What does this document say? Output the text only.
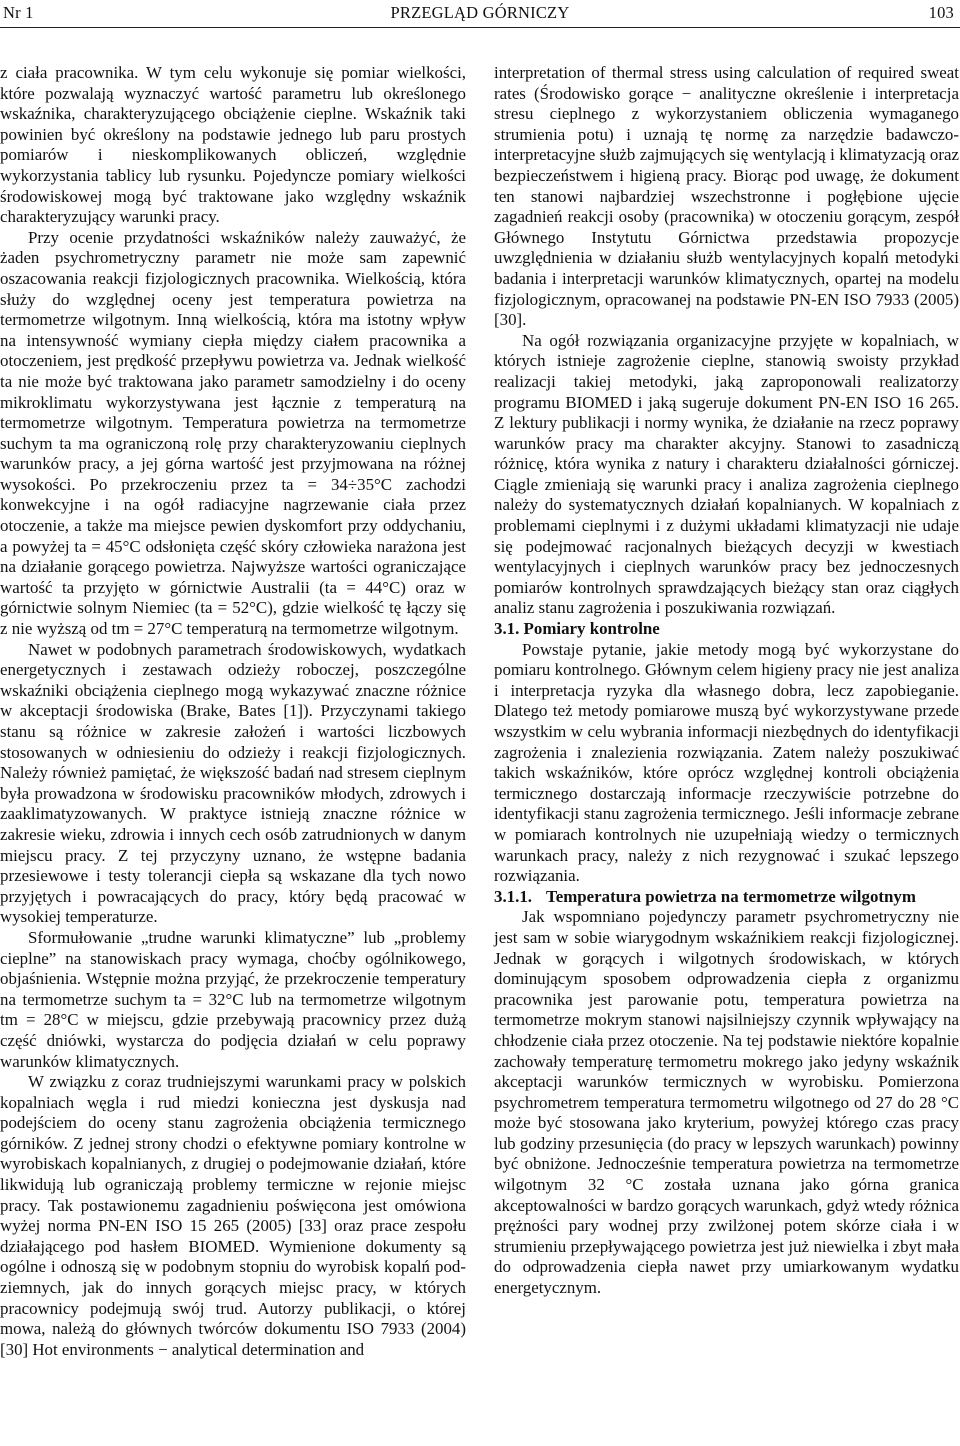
Nr 1	PRZEGLĄD GÓRNICZY	103

z ciała pracownika. W tym celu wykonuje się pomiar wielkości, które pozwalają wyznaczyć wartość parametru lub określonego wskaźnika, charakteryzującego obciążenie cieplne. Wskaźnik taki powinien być określony na podstawie jednego lub paru prostych pomiarów i nieskomplikowanych obliczeń, względnie wykorzystania tablicy lub rysunku. Pojedyncze pomiary wielkości środowiskowej mogą być traktowane jako względny wskaźnik charakteryzujący warunki pracy.

Przy ocenie przydatności wskaźników należy zauważyć, że żaden psychrometryczny parametr nie może sam zapewnić oszacowania reakcji fizjologicznych pracownika. Wielkością, która służy do względnej oceny jest temperatura powietrza na termometrze wilgotnym. Inną wielkością, która ma istotny wpływ na intensywność wymiany ciepła między ciałem pracownika a otoczeniem, jest prędkość przepływu powietrza va. Jednak wielkość ta nie może być traktowana jako parametr samodzielny i do oceny mikroklimatu wykorzystywana jest łącznie z temperaturą na termometrze wilgotnym. Temperatura powietrza na termometrze suchym ta ma ograniczoną rolę przy charakteryzowaniu cieplnych warunków pracy, a jej górna wartość jest przyjmowana na różnej wysokości. Po przekroczeniu przez ta = 34÷35°C zachodzi konwekcyjne i na ogół radiacyjne nagrzewanie ciała przez otoczenie, a także ma miejsce pewien dyskomfort przy oddychaniu, a powyżej ta = 45°C odsłonięta część skóry człowieka narażona jest na działanie gorącego powietrza. Najwyższe wartości ograniczające wartość ta przyjęto w górnictwie Australii (ta = 44°C) oraz w górnictwie solnym Niemiec (ta = 52°C), gdzie wielkość tę łączy się z nie wyższą od tm = 27°C temperaturą na termometrze wilgotnym.

Nawet w podobnych parametrach środowiskowych, wydatkach energetycznych i zestawach odzieży roboczej, poszczególne wskaźniki obciążenia cieplnego mogą wykazywać znaczne różnice w akceptacji środowiska (Brake, Bates [1]). Przyczynami takiego stanu są różnice w zakresie założeń i wartości liczbowych stosowanych w odniesieniu do odzieży i reakcji fizjologicznych. Należy również pamiętać, że większość badań nad stresem cieplnym była prowadzona w środowisku pracowników młodych, zdrowych i zaaklimatyzowanych. W praktyce istnieją znaczne różnice w zakresie wieku, zdrowia i innych cech osób zatrudnionych w danym miejscu pracy. Z tej przyczyny uznano, że wstępne badania przesiewowe i testy tolerancji ciepła są wskazane dla tych nowo przyjętych i powracających do pracy, który będą pracować w wysokiej temperaturze.

Sformułowanie „trudne warunki klimatyczne” lub „problemy cieplne” na stanowiskach pracy wymaga, choćby ogólnikowego, objaśnienia. Wstępnie można przyjąć, że przekroczenie temperatury na termometrze suchym ta = 32°C lub na termometrze wilgotnym tm = 28°C w miejscu, gdzie przebywają pracownicy przez dużą część dniówki, wystarcza do podjęcia działań w celu poprawy warunków klimatycznych.

W związku z coraz trudniejszymi warunkami pracy w polskich kopalniach węgla i rud miedzi konieczna jest dyskusja nad podejściem do oceny stanu zagrożenia obciążenia termicznego górników. Z jednej strony chodzi o efektywne pomiary kontrolne w wyrobiskach kopalnianych, z drugiej o podejmowanie działań, które likwidują lub ograniczają problemy termiczne w rejonie miejsc pracy. Tak postawionemu zagadnieniu poświęcona jest omówiona wyżej norma PN-EN ISO 15 265 (2005) [33] oraz prace zespołu działającego pod hasłem BIOMED. Wymienione dokumenty są ogólne i odnoszą się w podobnym stopniu do wyrobisk kopalń podziemnych, jak do innych gorących miejsc pracy, w których pracownicy podejmują swój trud. Autorzy publikacji, o której mowa, należą do głównych twórców dokumentu ISO 7933 (2004) [30] Hot environments − analytical determination and

interpretation of thermal stress using calculation of required sweat rates (Środowisko gorące − analityczne określenie i interpretacja stresu cieplnego z wykorzystaniem obliczenia wymaganego strumienia potu) i uznają tę normę za narzędzie badawczo-interpretacyjne służb zajmujących się wentylacją i klimatyzacją oraz bezpieczeństwem i higieną pracy. Biorąc pod uwagę, że dokument ten stanowi najbardziej wszechstronne i pogłębione ujęcie zagadnień reakcji osoby (pracownika) w otoczeniu gorącym, zespół Głównego Instytutu Górnictwa przedstawia propozycje uwzględnienia w działaniu służb wentylacyjnych kopalń metodyki badania i interpretacji warunków klimatycznych, opartej na modelu fizjologicznym, opracowanej na podstawie PN-EN ISO 7933 (2005) [30].

Na ogół rozwiązania organizacyjne przyjęte w kopalniach, w których istnieje zagrożenie cieplne, stanowią swoisty przykład realizacji takiej metodyki, jaką zaproponowali realizatorzy programu BIOMED i jaką sugeruje dokument PN-EN ISO 16 265. Z lektury publikacji i normy wynika, że działanie na rzecz poprawy warunków pracy ma charakter akcyjny. Stanowi to zasadniczą różnicę, która wynika z natury i charakteru działalności górniczej. Ciągle zmieniają się warunki pracy i analiza zagrożenia cieplnego należy do systematycznych działań kopalnianych. W kopalniach z problemami cieplnymi i z dużymi układami klimatyzacji nie udaje się podejmować racjonalnych bieżących decyzji w kwestiach wentylacyjnych i cieplnych warunków pracy bez jednoczesnych pomiarów kontrolnych sprawdzających bieżący stan oraz ciągłych analiz stanu zagrożenia i poszukiwania rozwiązań.

3.1. Pomiary kontrolne

Powstaje pytanie, jakie metody mogą być wykorzystane do pomiaru kontrolnego. Głównym celem higieny pracy nie jest analiza i interpretacja ryzyka dla własnego dobra, lecz zapobieganie. Dlatego też metody pomiarowe muszą być wykorzystywane przede wszystkim w celu wybrania informacji niezbędnych do identyfikacji zagrożenia i znalezienia rozwiązania. Zatem należy poszukiwać takich wskaźników, które oprócz względnej kontroli obciążenia termicznego dostarczają informacje rzeczywiście potrzebne do identyfikacji stanu zagrożenia termicznego. Jeśli informacje zebrane w pomiarach kontrolnych nie uzupełniają wiedzy o termicznych warunkach pracy, należy z nich rezygnować i szukać lepszego rozwiązania.

3.1.1. Temperatura powietrza na termometrze wilgotnym

Jak wspomniano pojedynczy parametr psychrometryczny nie jest sam w sobie wiarygodnym wskaźnikiem reakcji fizjologicznej. Jednak w gorących i wilgotnych środowiskach, w których dominującym sposobem odprowadzenia ciepła z organizmu pracownika jest parowanie potu, temperatura powietrza na termometrze mokrym stanowi najsilniejszy czynnik wpływający na chłodzenie ciała przez otoczenie. Na tej podstawie niektóre kopalnie zachowały temperaturę termometru mokrego jako jedyny wskaźnik akceptacji warunków termicznych w wyrobisku. Pomierzona psychrometrem temperatura termometru wilgotnego od 27 do 28 °C może być stosowana jako kryterium, powyżej którego czas pracy lub godziny przesunięcia (do pracy w lepszych warunkach) powinny być obniżone. Jednocześnie temperatura powietrza na termometrze wilgotnym 32 °C została uznana jako górna granica akceptowalności w bardzo gorących warunkach, gdyż wtedy różnica prężności pary wodnej przy zwilżonej potem skórze ciała i w strumieniu przepływającego powietrza jest już niewielka i zbyt mała do odprowadzenia ciepła nawet przy umiarkowanym wydatku energetycznym.
